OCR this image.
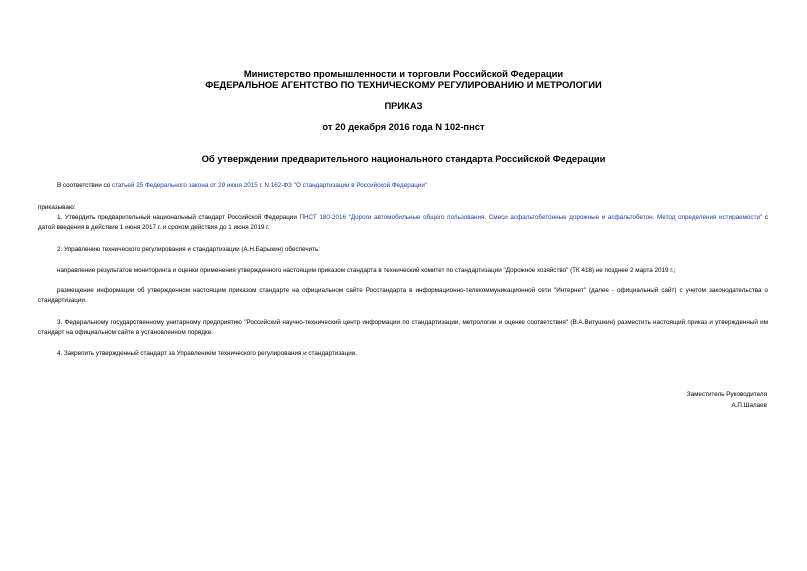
Министерство промышленности и торговли Российской Федерации
ФЕДЕРАЛЬНОЕ АГЕНТСТВО ПО ТЕХНИЧЕСКОМУ РЕГУЛИРОВАНИЮ И МЕТРОЛОГИИ
ПРИКАЗ
от 20 декабря 2016 года N 102-пнст
Об утверждении предварительного национального стандарта Российской Федерации
В соответствии со статьей 25 Федерального закона от 29 июня 2015 г. N 162-ФЗ "О стандартизации в Российской Федерации"
приказываю:
1. Утвердить предварительный национальный стандарт Российской Федерации ПНСТ 180-2016 "Дороги автомобильные общего пользования. Смеси асфальтобетонные дорожные и асфальтобетон. Метод определения истираемости" с датой введения в действие 1 июня 2017 г. и сроком действия до 1 июня 2019 г.
2. Управлению технического регулирования и стандартизации (А.Н.Барыкин) обеспечить:
направление результатов мониторинга и оценки применения утвержденного настоящим приказом стандарта в технический комитет по стандартизации "Дорожное хозяйство" (ТК 418) не позднее 2 марта 2019 г.;
размещение информации об утвержденном настоящим приказом стандарте на официальном сайте Росстандарта в информационно-телекоммуникационной сети "Интернет" (далее - официальный сайт) с учетом законодательства о стандартизации.
3. Федеральному государственному унитарному предприятию "Российский научно-технический центр информации по стандартизации, метрологии и оценке соответствия" (В.А.Витушкин) разместить настоящий приказ и утвержденный им стандарт на официальном сайте в установленном порядке.
4. Закрепить утвержденный стандарт за Управлением технического регулирования и стандартизации.
Заместитель Руководителя
А.П.Шалаев
